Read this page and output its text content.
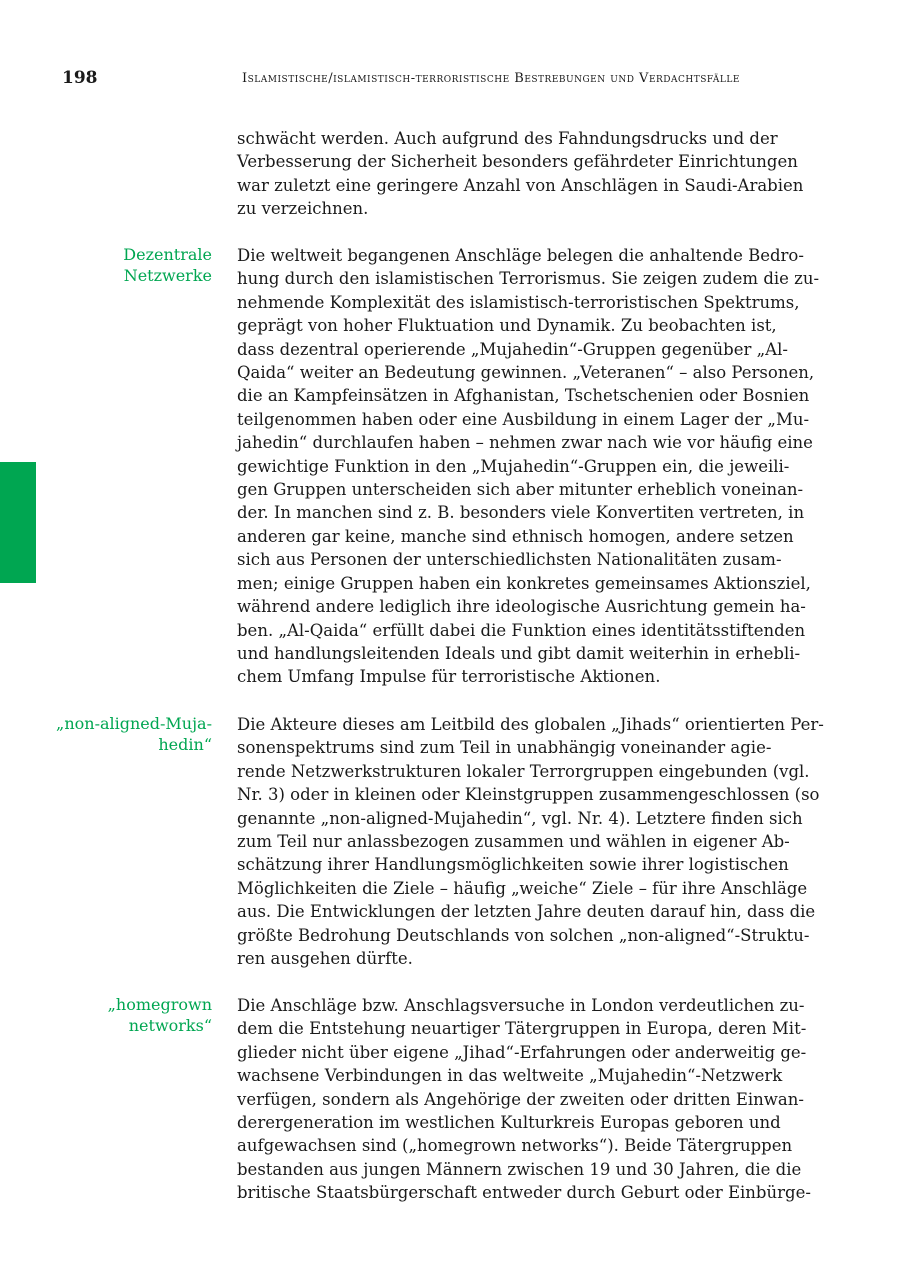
198	Islamistische/islamistisch-terroristische Bestrebungen und Verdachtsfälle
schwächt werden. Auch aufgrund des Fahndungsdrucks und der
Verbesserung der Sicherheit besonders gefährdeter Einrichtungen
war zuletzt eine geringere Anzahl von Anschlägen in Saudi-Arabien
zu verzeichnen.
Dezentrale
Netzwerke
Die weltweit begangenen Anschläge belegen die anhaltende Bedro-
hung durch den islamistischen Terrorismus. Sie zeigen zudem die zu-
nehmende Komplexität des islamistisch-terroristischen Spektrums,
geprägt von hoher Fluktuation und Dynamik. Zu beobachten ist,
dass dezentral operierende „Mujahedin“-Gruppen gegenüber „Al-
Qaida“ weiter an Bedeutung gewinnen. „Veteranen“ – also Personen,
die an Kampfeinsätzen in Afghanistan, Tschetschenien oder Bosnien
teilgenommen haben oder eine Ausbildung in einem Lager der „Mu-
jahedin“ durchlaufen haben – nehmen zwar nach wie vor häufig eine
gewichtige Funktion in den „Mujahedin“-Gruppen ein, die jeweili-
gen Gruppen unterscheiden sich aber mitunter erheblich voneinan-
der. In manchen sind z. B. besonders viele Konvertiten vertreten, in
anderen gar keine, manche sind ethnisch homogen, andere setzen
sich aus Personen der unterschiedlichsten Nationalitäten zusam-
men; einige Gruppen haben ein konkretes gemeinsames Aktionsziel,
während andere lediglich ihre ideologische Ausrichtung gemein ha-
ben. „Al-Qaida“ erfüllt dabei die Funktion eines identitätsstiftenden
und handlungsleitenden Ideals und gibt damit weiterhin in erhebli-
chem Umfang Impulse für terroristische Aktionen.
„non-aligned-Muja-
hedin“
Die Akteure dieses am Leitbild des globalen „Jihads“ orientierten Per-
sonenspektrums sind zum Teil in unabhängig voneinander agie-
rende Netzwerkstrukturen lokaler Terrorgruppen eingebunden (vgl.
Nr. 3) oder in kleinen oder Kleinstgruppen zusammengeschlossen (so
genannte „non-aligned-Mujahedin“, vgl. Nr. 4). Letztere finden sich
zum Teil nur anlassbezogen zusammen und wählen in eigener Ab-
schätzung ihrer Handlungsmöglichkeiten sowie ihrer logistischen
Möglichkeiten die Ziele – häufig „weiche“ Ziele – für ihre Anschläge
aus. Die Entwicklungen der letzten Jahre deuten darauf hin, dass die
größte Bedrohung Deutschlands von solchen „non-aligned“-Struktu-
ren ausgehen dürfte.
„homegrown
networks“
Die Anschläge bzw. Anschlagsversuche in London verdeutlichen zu-
dem die Entstehung neuartiger Tätergruppen in Europa, deren Mit-
glieder nicht über eigene „Jihad“-Erfahrungen oder anderweitig ge-
wachsene Verbindungen in das weltweite „Mujahedin“-Netzwerk
verfügen, sondern als Angehörige der zweiten oder dritten Einwan-
derergeneration im westlichen Kulturkreis Europas geboren und
aufgewachsen sind („homegrown networks“). Beide Tätergruppen
bestanden aus jungen Männern zwischen 19 und 30 Jahren, die die
britische Staatsbürgerschaft entweder durch Geburt oder Einbürge-
